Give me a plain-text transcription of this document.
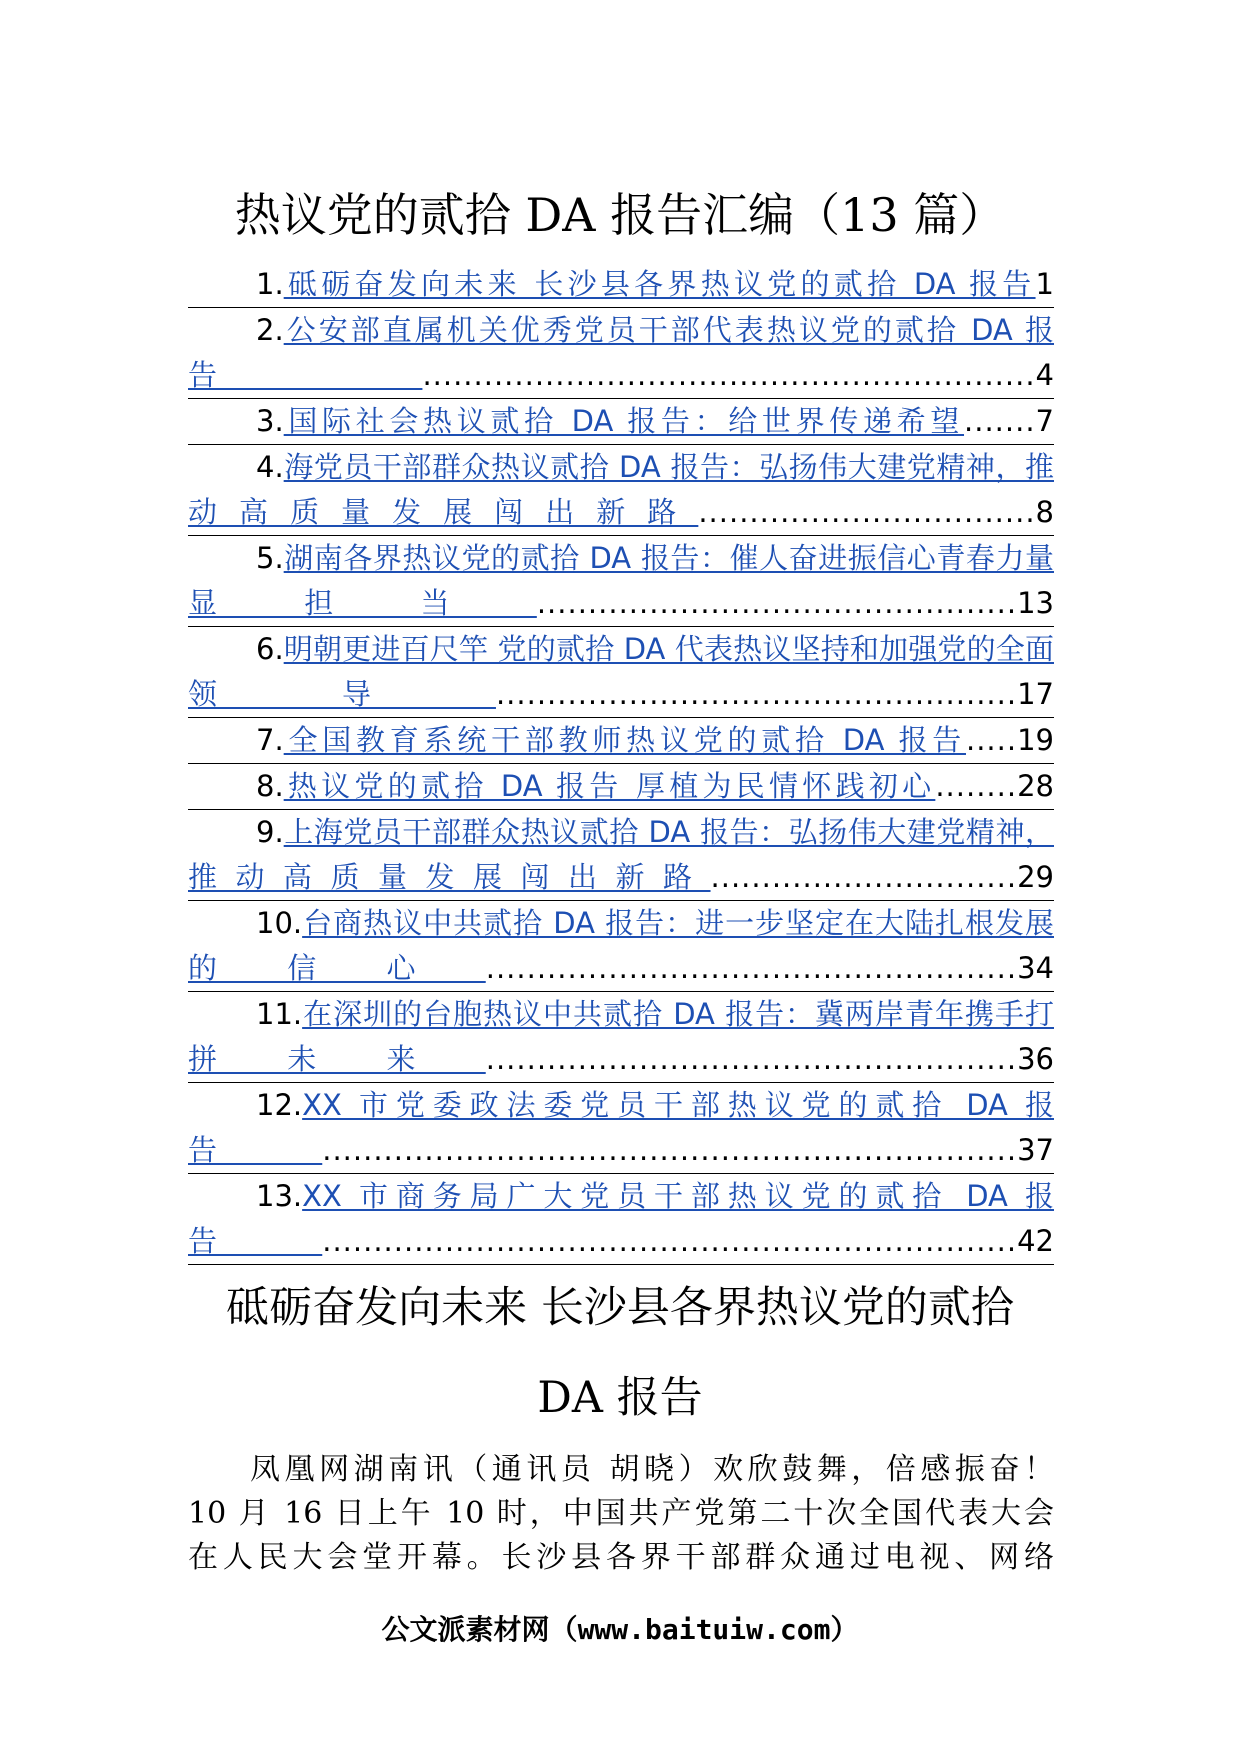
热议党的贰拾 DA 报告汇编（13 篇）
1.砥砺奋发向未来 长沙县各界热议党的贰拾 DA 报告1
2.公安部直属机关优秀党员干部代表热议党的贰拾 DA 报告............................................................4
3.国际社会热议贰拾 DA 报告：给世界传递希望.......7
4.海党员干部群众热议贰拾 DA 报告：弘扬伟大建党精神，推动高质量发展闯出新路.................................8
5.湖南各界热议党的贰拾 DA 报告：催人奋进振信心青春力量显担当...............................................13
6.明朝更进百尺竿 党的贰拾 DA 代表热议坚持和加强党的全面领导...................................................17
7.全国教育系统干部教师热议党的贰拾 DA 报告.....19
8.热议党的贰拾 DA 报告 厚植为民情怀践初心........28
9.上海党员干部群众热议贰拾 DA 报告：弘扬伟大建党精神，推动高质量发展闯出新路..............................29
10.台商热议中共贰拾 DA 报告：进一步坚定在大陆扎根发展的信心....................................................34
11.在深圳的台胞热议中共贰拾 DA 报告：冀两岸青年携手打拼未来....................................................36
12.XX 市党委政法委党员干部热议党的贰拾 DA 报告....................................................................37
13.XX 市商务局广大党员干部热议党的贰拾 DA 报告....................................................................42
砥砺奋发向未来 长沙县各界热议党的贰拾
DA 报告
凤凰网湖南讯（通讯员 胡晓）欢欣鼓舞，倍感振奋！
10 月 16 日上午 10 时，中国共产党第二十次全国代表大会
在人民大会堂开幕。长沙县各界干部群众通过电视、网络
公文派素材网（www.baituiw.com）
